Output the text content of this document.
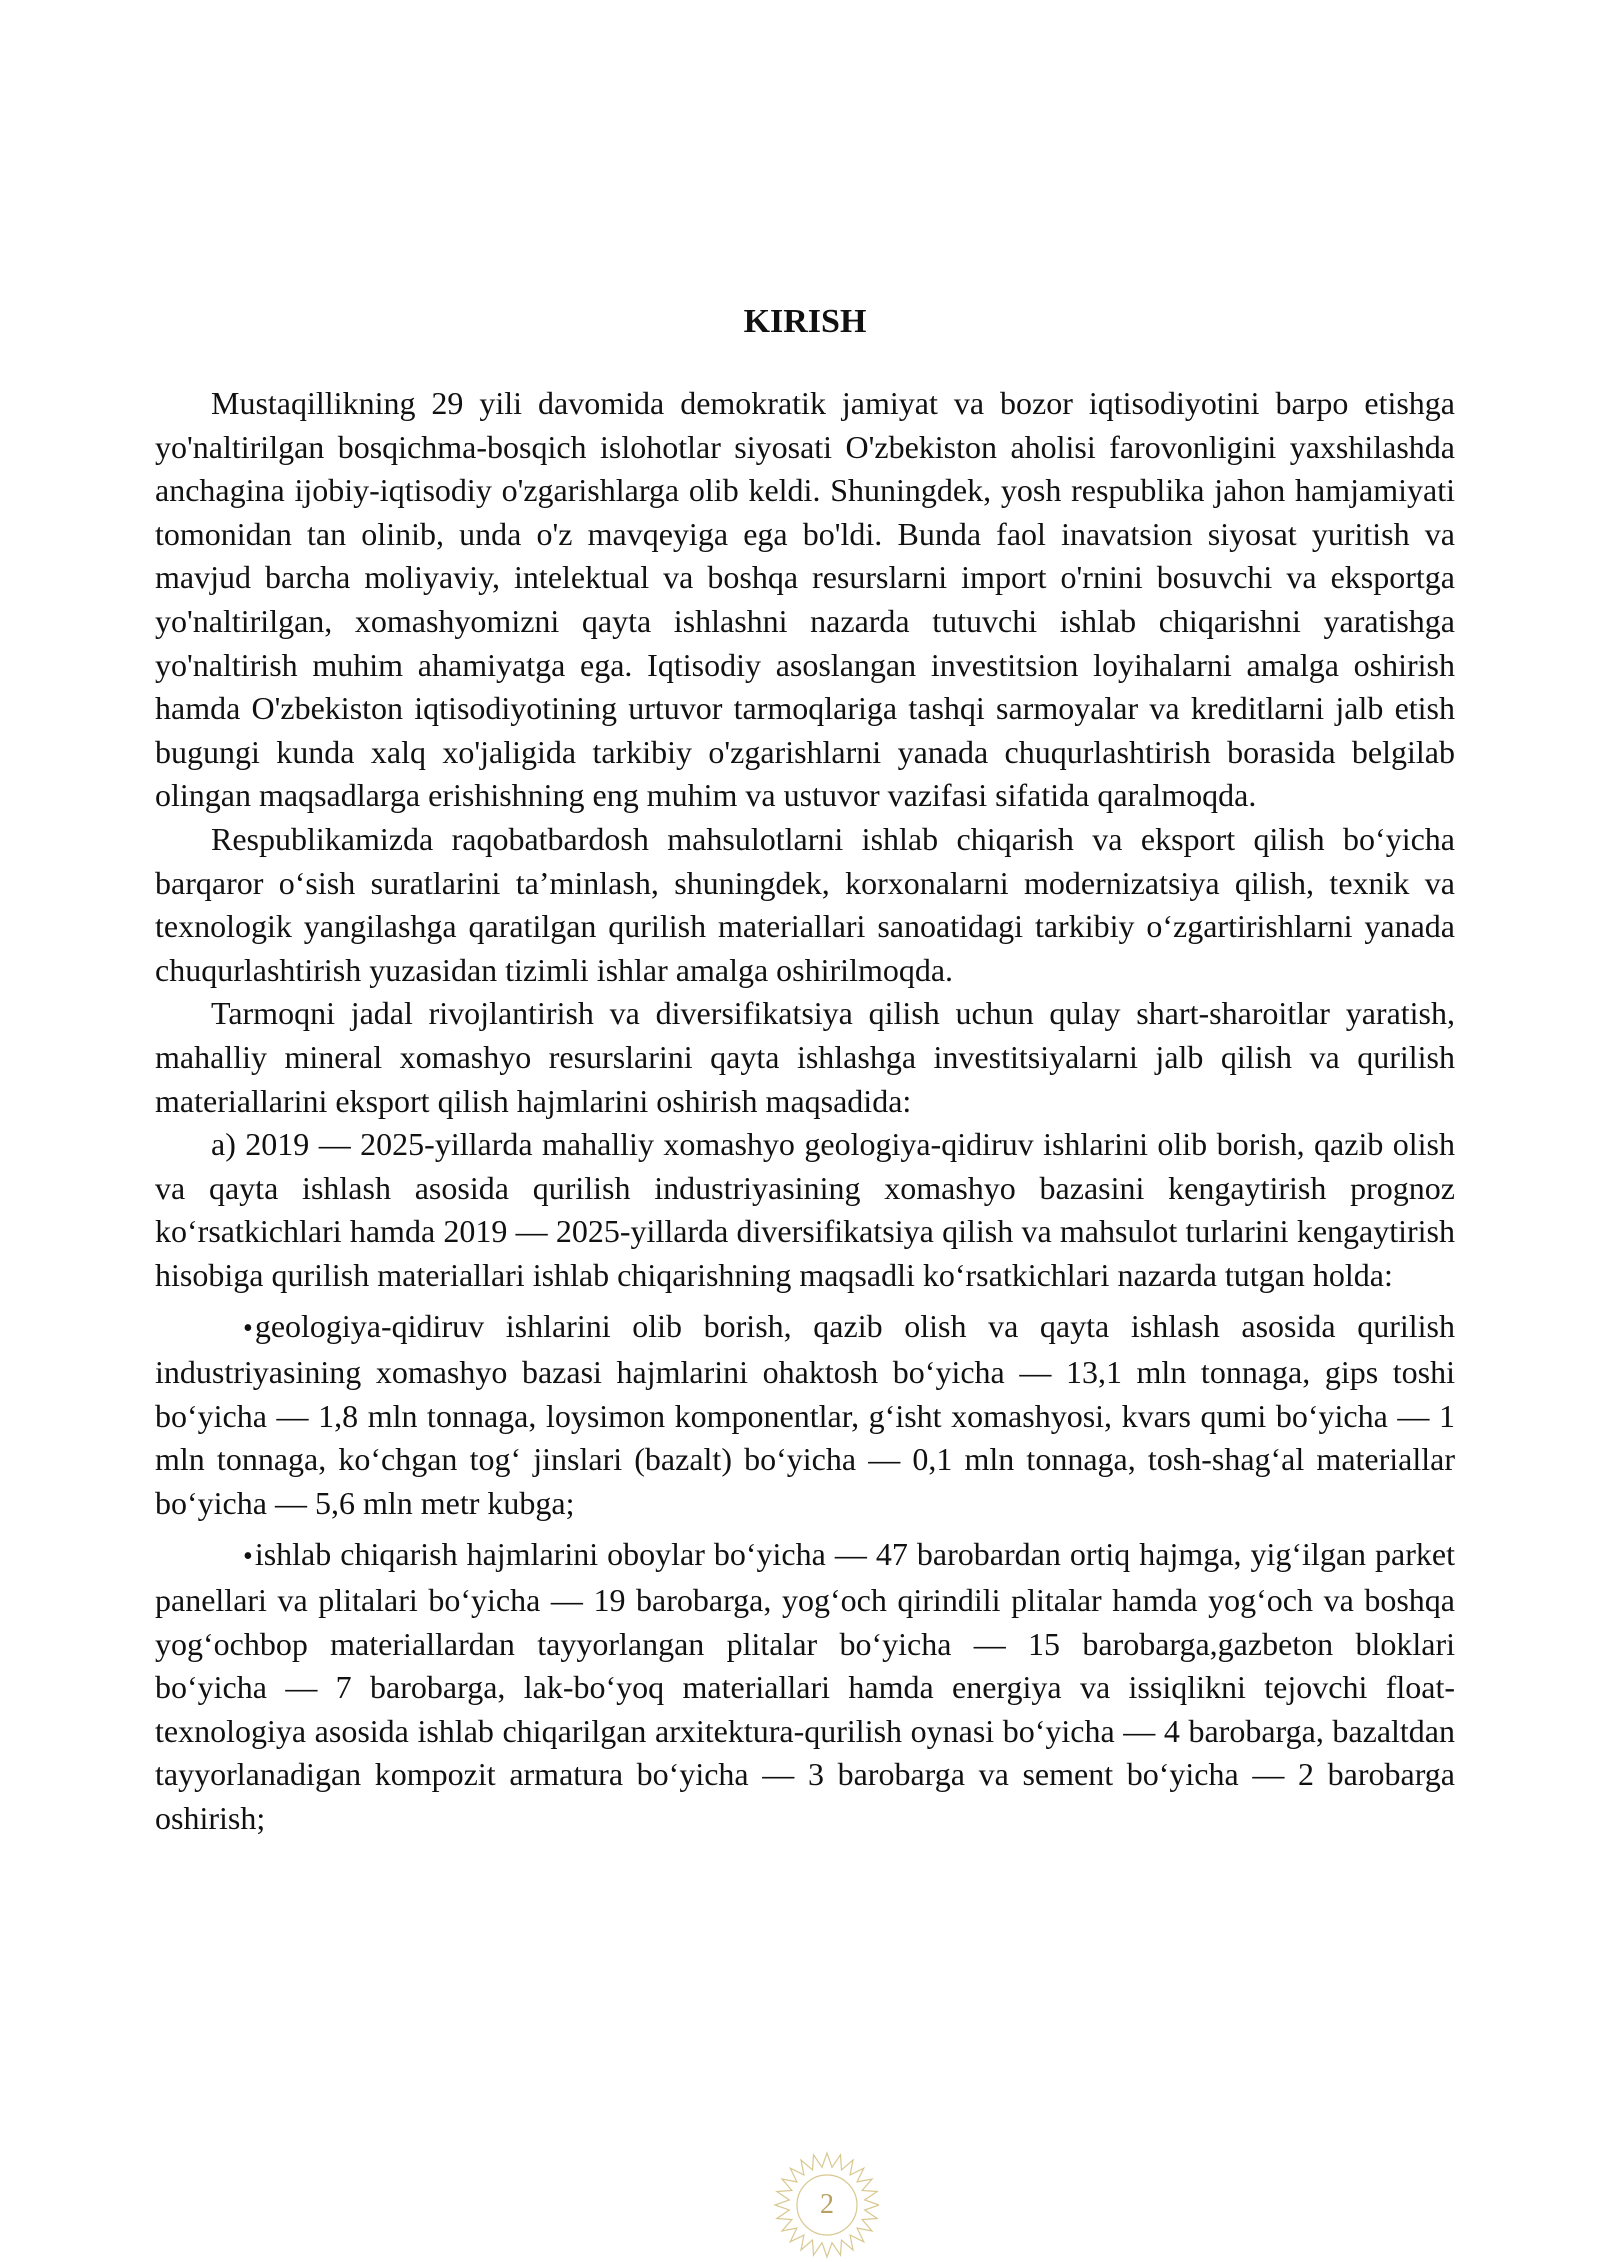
KIRISH

Mustaqillikning 29 yili davomida demokratik jamiyat va bozor iqtisodiyotini barpo etishga yo'naltirilgan bosqichma-bosqich islohotlar siyosati O'zbekiston aholisi farovonligini yaxshilashda anchagina ijobiy-iqtisodiy o'zgarishlarga olib keldi. Shuningdek, yosh respublika jahon hamjamiyati tomonidan tan olinib, unda o'z mavqeyiga ega bo'ldi. Bunda faol inavatsion siyosat yuritish va mavjud barcha moliyaviy, intelektual va boshqa resurslarni import o'rnini bosuvchi va eksportga yo'naltirilgan, xomashyomizni qayta ishlashni nazarda tutuvchi ishlab chiqarishni yaratishga yo'naltirish muhim ahamiyatga ega. Iqtisodiy asoslangan investitsion loyihalarni amalga oshirish hamda O'zbekiston iqtisodiyotining urtuvor tarmoqlariga tashqi sarmoyalar va kreditlarni jalb etish bugungi kunda xalq xo'jaligida tarkibiy o'zgarishlarni yanada chuqurlashtirish borasida belgilab olingan maqsadlarga erishishning eng muhim va ustuvor vazifasi sifatida qaralmoqda.

Respublikamizda raqobatbardosh mahsulotlarni ishlab chiqarish va eksport qilish bo‘yicha barqaror o‘sish suratlarini ta’minlash, shuningdek, korxonalarni modernizatsiya qilish, texnik va texnologik yangilashga qaratilgan qurilish materiallari sanoatidagi tarkibiy o‘zgartirishlarni yanada chuqurlashtirish yuzasidan tizimli ishlar amalga oshirilmoqda.

Tarmoqni jadal rivojlantirish va diversifikatsiya qilish uchun qulay shart-sharoitlar yaratish, mahalliy mineral xomashyo resurslarini qayta ishlashga investitsiyalarni jalb qilish va qurilish materiallarini eksport qilish hajmlarini oshirish maqsadida:

a) 2019 — 2025-yillarda mahalliy xomashyo geologiya-qidiruv ishlarini olib borish, qazib olish va qayta ishlash asosida qurilish industriyasining xomashyo bazasini kengaytirish prognoz ko‘rsatkichlari hamda 2019 — 2025-yillarda diversifikatsiya qilish va mahsulot turlarini kengaytirish hisobiga qurilish materiallari ishlab chiqarishning maqsadli ko‘rsatkichlari nazarda tutgan holda:

•geologiya-qidiruv ishlarini olib borish, qazib olish va qayta ishlash asosida qurilish industriyasining xomashyo bazasi hajmlarini ohaktosh bo‘yicha — 13,1 mln tonnaga, gips toshi bo‘yicha — 1,8 mln tonnaga, loysimon komponentlar, g‘isht xomashyosi, kvars qumi bo‘yicha — 1 mln tonnaga, ko‘chgan tog‘ jinslari (bazalt) bo‘yicha — 0,1 mln tonnaga, tosh-shag‘al materiallar bo‘yicha — 5,6 mln metr kubga;

•ishlab chiqarish hajmlarini oboylar bo‘yicha — 47 barobardan ortiq hajmga, yig‘ilgan parket panellari va plitalari bo‘yicha — 19 barobarga, yog‘och qirindili plitalar hamda yog‘och va boshqa yog‘ochbop materiallardan tayyorlangan plitalar bo‘yicha — 15 barobarga,gazbeton bloklari bo‘yicha — 7 barobarga, lak-bo‘yoq materiallari hamda energiya va issiqlikni tejovchi float-texnologiya asosida ishlab chiqarilgan arxitektura-qurilish oynasi bo‘yicha — 4 barobarga, bazaltdan tayyorlanadigan kompozit armatura bo‘yicha — 3 barobarga va sement bo‘yicha — 2 barobarga oshirish;

2
